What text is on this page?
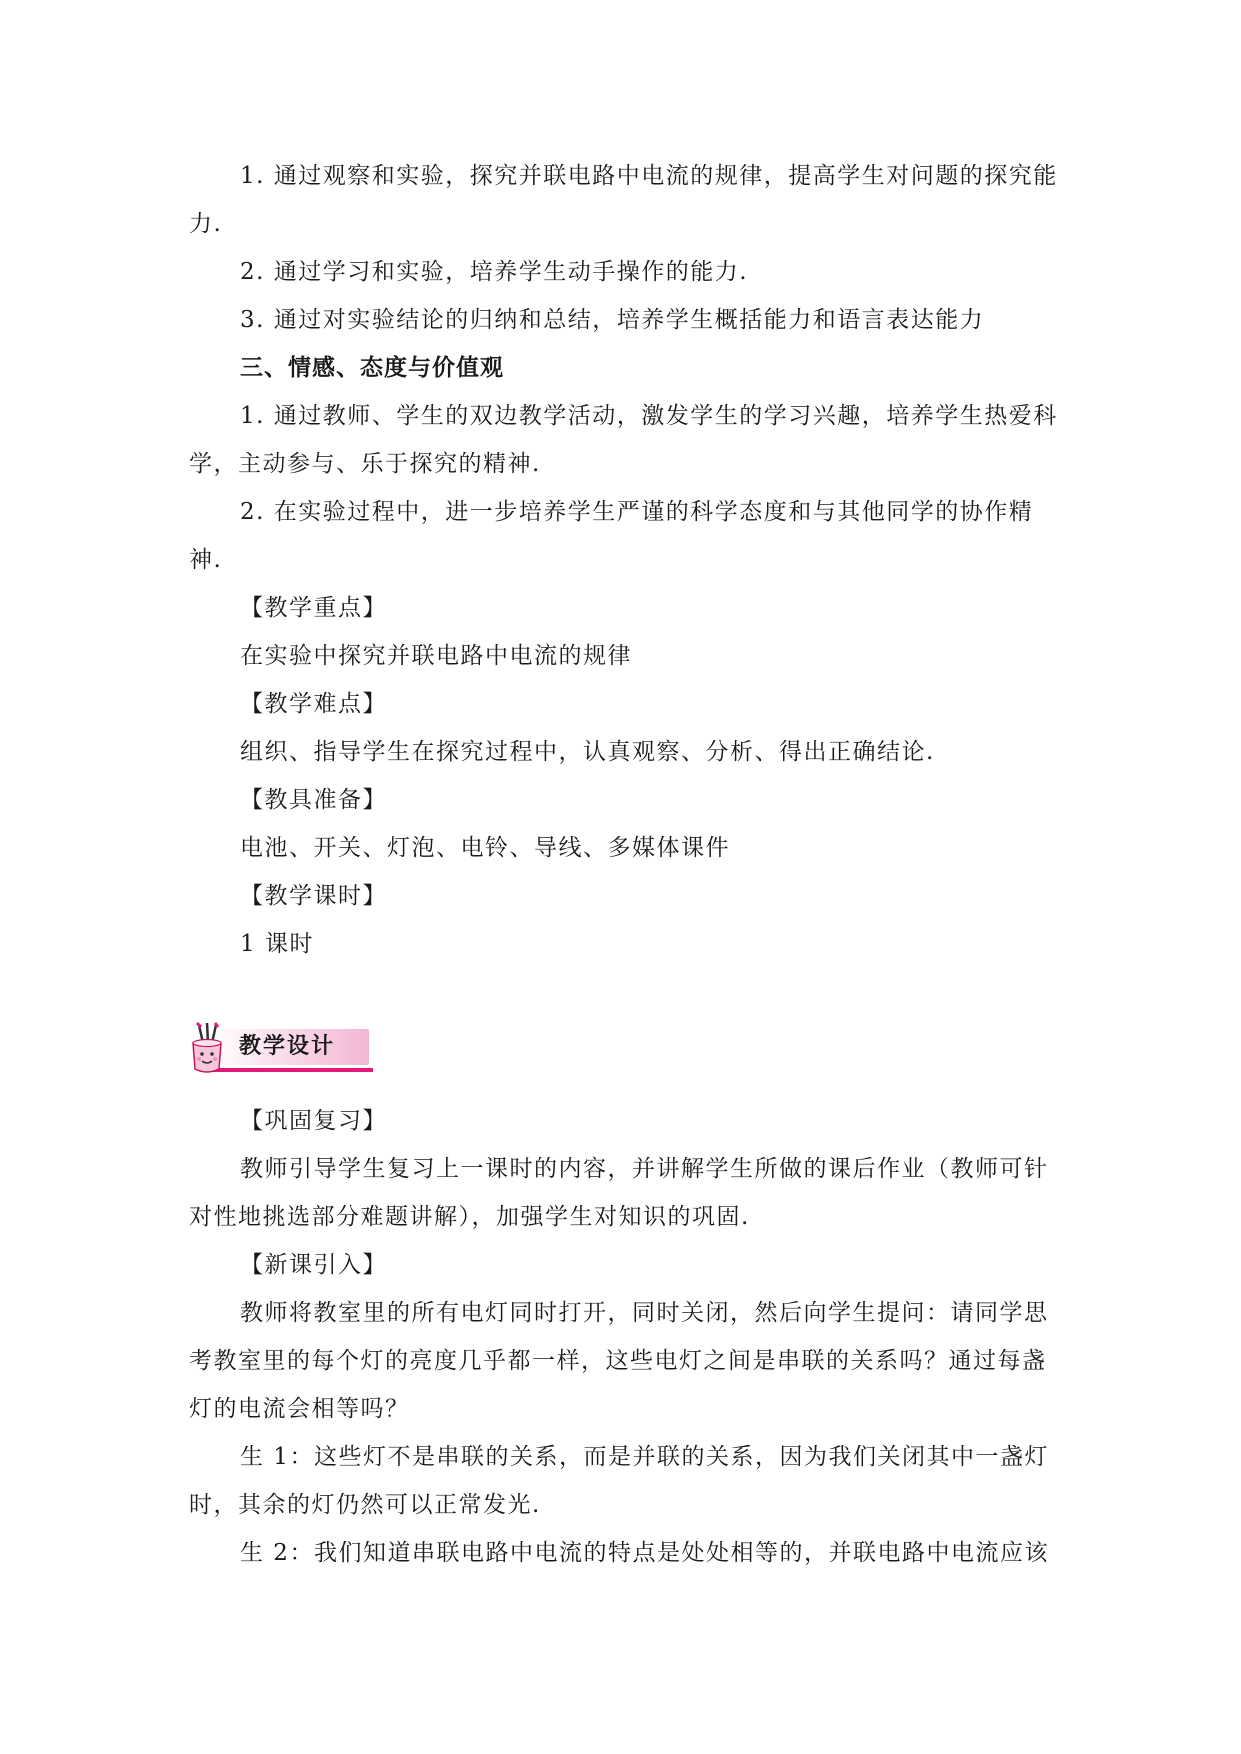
1. 通过观察和实验，探究并联电路中电流的规律，提高学生对问题的探究能力.

2. 通过学习和实验，培养学生动手操作的能力.

3. 通过对实验结论的归纳和总结，培养学生概括能力和语言表达能力

三、情感、态度与价值观

1. 通过教师、学生的双边教学活动，激发学生的学习兴趣，培养学生热爱科学，主动参与、乐于探究的精神.

2. 在实验过程中，进一步培养学生严谨的科学态度和与其他同学的协作精神.

【教学重点】

在实验中探究并联电路中电流的规律

【教学难点】

组织、指导学生在探究过程中，认真观察、分析、得出正确结论.

【教具准备】

电池、开关、灯泡、电铃、导线、多媒体课件

【教学课时】

1 课时

教学设计

【巩固复习】

教师引导学生复习上一课时的内容，并讲解学生所做的课后作业（教师可针对性地挑选部分难题讲解），加强学生对知识的巩固.

【新课引入】

教师将教室里的所有电灯同时打开，同时关闭，然后向学生提问：请同学思考教室里的每个灯的亮度几乎都一样，这些电灯之间是串联的关系吗？通过每盏灯的电流会相等吗？

生 1：这些灯不是串联的关系，而是并联的关系，因为我们关闭其中一盏灯时，其余的灯仍然可以正常发光.

生 2：我们知道串联电路中电流的特点是处处相等的，并联电路中电流应该
